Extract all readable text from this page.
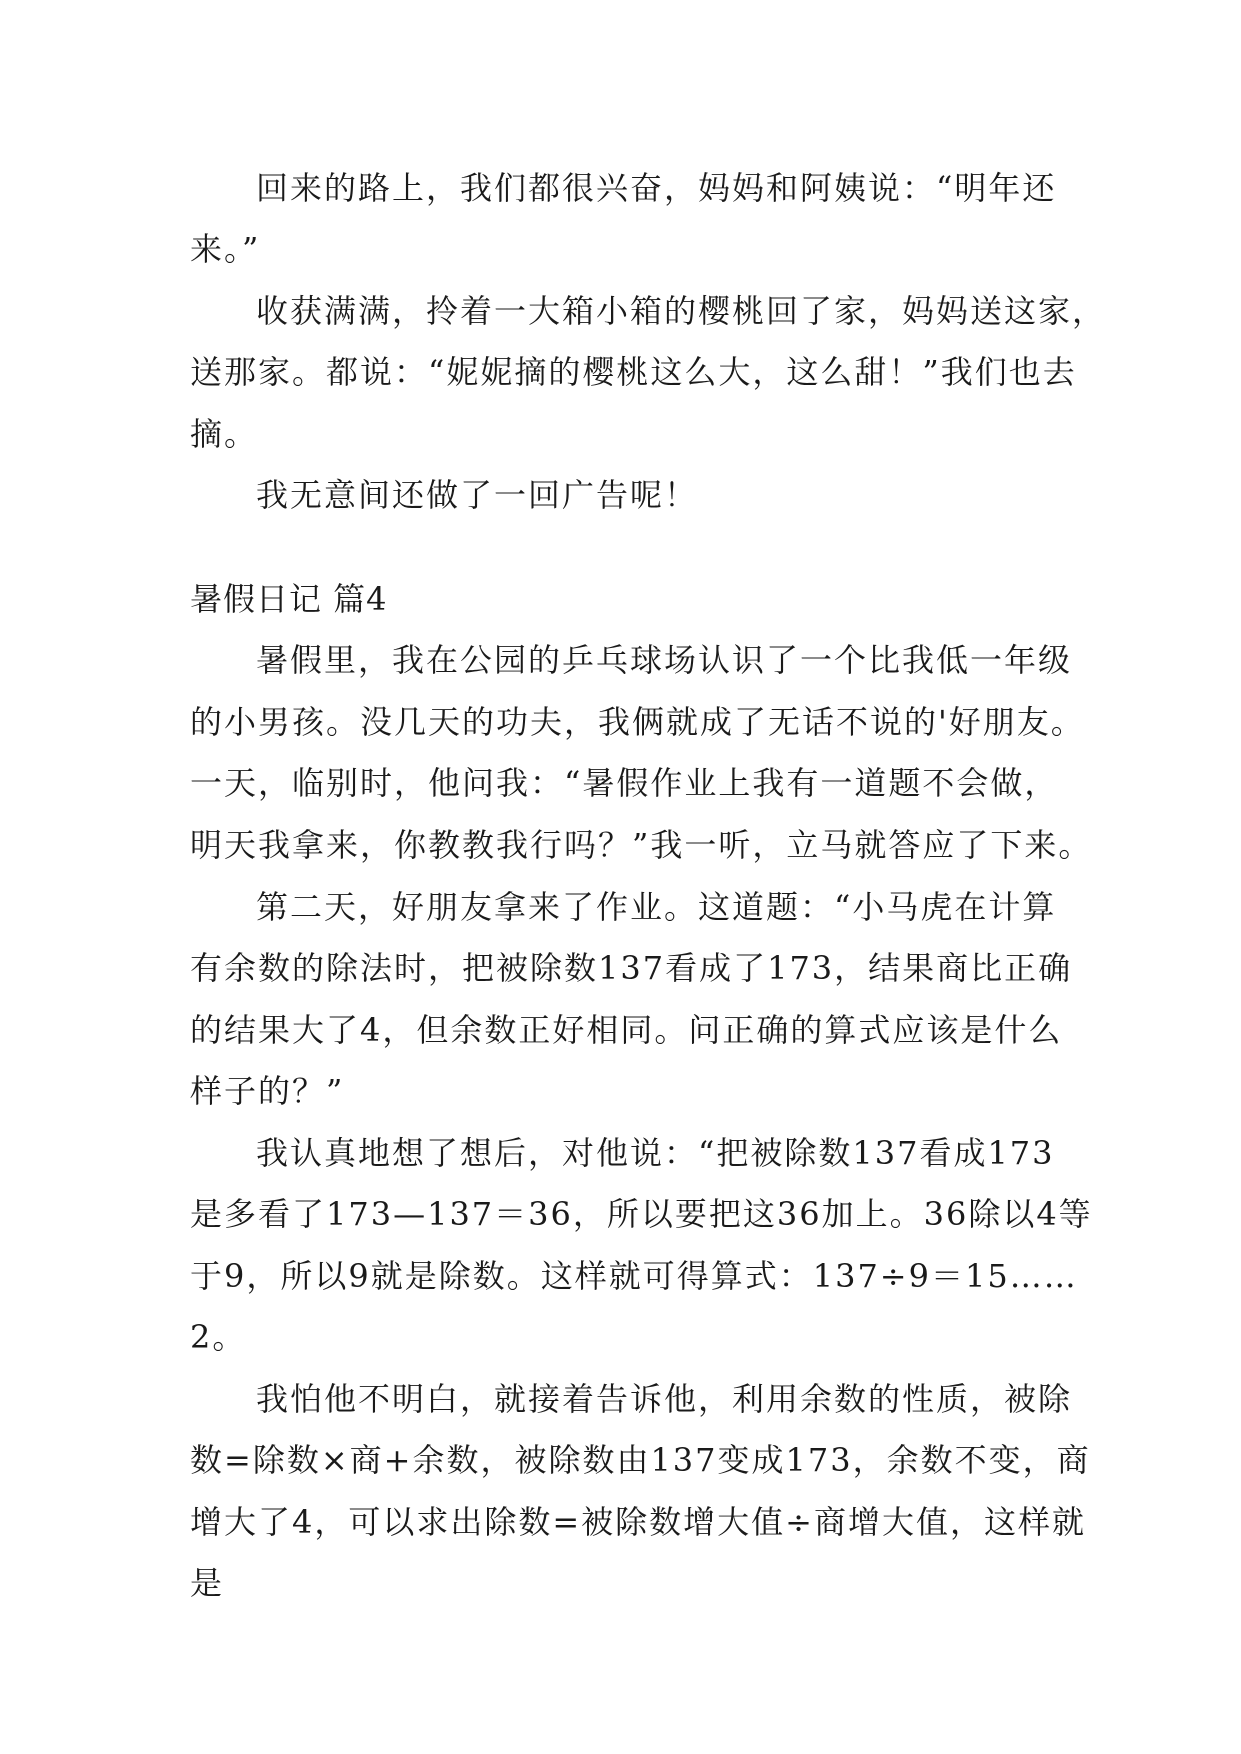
回来的路上，我们都很兴奋，妈妈和阿姨说：“明年还
来。”
收获满满，拎着一大箱小箱的樱桃回了家，妈妈送这家，
送那家。都说：“妮妮摘的樱桃这么大，这么甜！”我们也去
摘。
我无意间还做了一回广告呢！
暑假日记 篇4
暑假里，我在公园的乒乓球场认识了一个比我低一年级
的小男孩。没几天的功夫，我俩就成了无话不说的'好朋友。
一天，临别时，他问我：“暑假作业上我有一道题不会做，
明天我拿来，你教教我行吗？”我一听，立马就答应了下来。
第二天，好朋友拿来了作业。这道题：“小马虎在计算
有余数的除法时，把被除数137看成了173，结果商比正确
的结果大了4，但余数正好相同。问正确的算式应该是什么
样子的？”
我认真地想了想后，对他说：“把被除数137看成173
是多看了173—137＝36，所以要把这36加上。36除以4等
于9，所以9就是除数。这样就可得算式：137÷9＝15……
2。
我怕他不明白，就接着告诉他，利用余数的性质，被除
数=除数×商+余数，被除数由137变成173，余数不变，商
增大了4，可以求出除数=被除数增大值÷商增大值，这样就
是
